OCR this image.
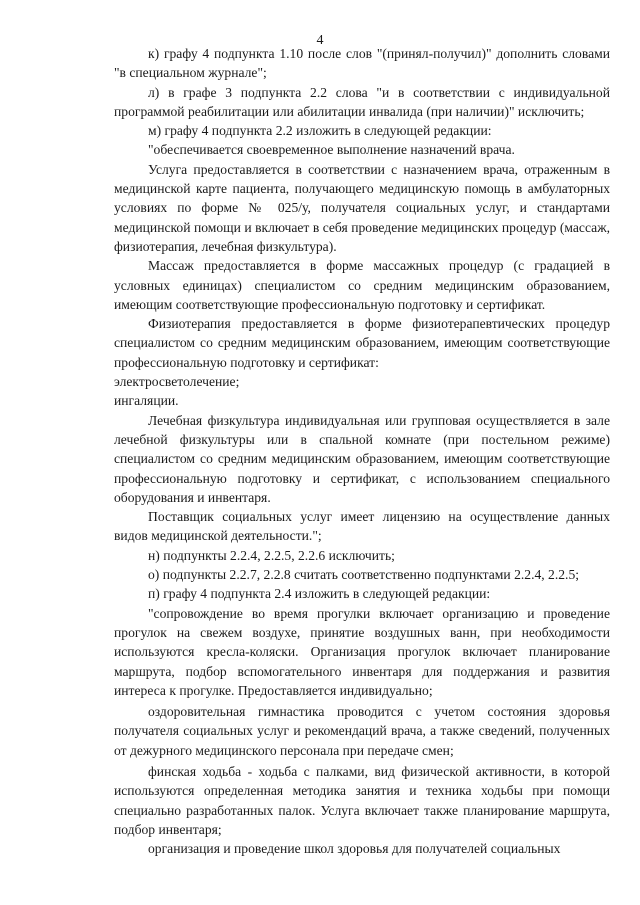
4

к) графу 4 подпункта 1.10 после слов "(принял-получил)" дополнить словами "в специальном журнале";

л) в графе 3 подпункта 2.2 слова "и в соответствии с индивидуальной программой реабилитации или абилитации инвалида (при наличии)" исключить;

м) графу 4 подпункта 2.2 изложить в следующей редакции:

"обеспечивается своевременное выполнение назначений врача.

Услуга предоставляется в соответствии с назначением врача, отраженным в медицинской карте пациента, получающего медицинскую помощь в амбулаторных условиях по форме № 025/у, получателя социальных услуг, и стандартами медицинской помощи и включает в себя проведение медицинских процедур (массаж, физиотерапия, лечебная физкультура).

Массаж предоставляется в форме массажных процедур (с градацией в условных единицах) специалистом со средним медицинским образованием, имеющим соответствующие профессиональную подготовку и сертификат.

Физиотерапия предоставляется в форме физиотерапевтических процедур специалистом со средним медицинским образованием, имеющим соответствующие профессиональную подготовку и сертификат:

электросветолечение;

ингаляции.

Лечебная физкультура индивидуальная или групповая осуществляется в зале лечебной физкультуры или в спальной комнате (при постельном режиме) специалистом со средним медицинским образованием, имеющим соответствующие профессиональную подготовку и сертификат, с использованием специального оборудования и инвентаря.

Поставщик социальных услуг имеет лицензию на осуществление данных видов медицинской деятельности.";

н) подпункты 2.2.4, 2.2.5, 2.2.6 исключить;

о) подпункты 2.2.7, 2.2.8 считать соответственно подпунктами 2.2.4, 2.2.5;

п) графу 4 подпункта 2.4 изложить в следующей редакции:

"сопровождение во время прогулки включает организацию и проведение прогулок на свежем воздухе, принятие воздушных ванн, при необходимости используются кресла-коляски. Организация прогулок включает планирование маршрута, подбор вспомогательного инвентаря для поддержания и развития интереса к прогулке. Предоставляется индивидуально;

оздоровительная гимнастика проводится с учетом состояния здоровья получателя социальных услуг и рекомендаций врача, а также сведений, полученных от дежурного медицинского персонала при передаче смен;

финская ходьба - ходьба с палками, вид физической активности, в которой используются определенная методика занятия и техника ходьбы при помощи специально разработанных палок. Услуга включает также планирование маршрута, подбор инвентаря;

организация и проведение школ здоровья для получателей социальных
